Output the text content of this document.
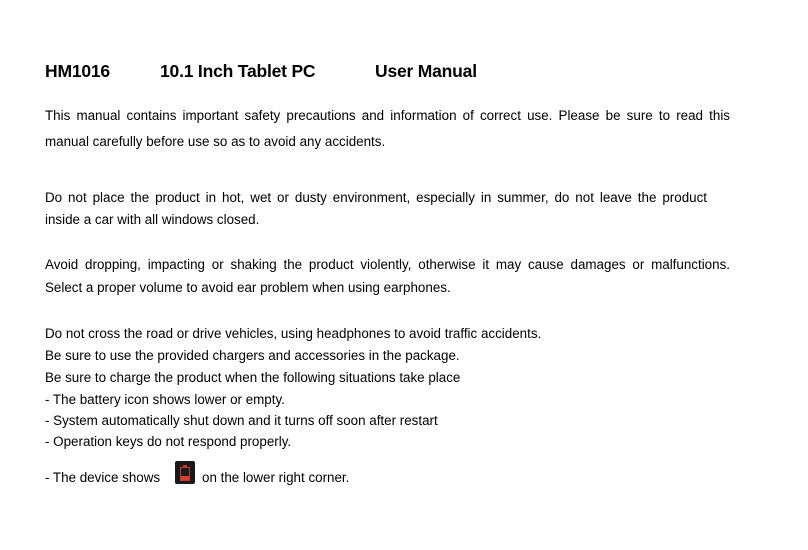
HM1016	10.1 Inch Tablet PC	User Manual
This manual contains important safety precautions and information of correct use. Please be sure to read this
manual carefully before use so as to avoid any accidents.
Do not place the product in hot, wet or dusty environment, especially in summer, do not leave the product
inside a car with all windows closed.
Avoid dropping, impacting or shaking the product violently, otherwise it may cause damages or malfunctions.
Select a proper volume to avoid ear problem when using earphones.
Do not cross the road or drive vehicles, using headphones to avoid traffic accidents.
Be sure to use the provided chargers and accessories in the package.
Be sure to charge the product when the following situations take place
- The battery icon shows lower or empty.
- System automatically shut down and it turns off soon after restart
- Operation keys do not respond properly.
- The device shows	on the lower right corner.
